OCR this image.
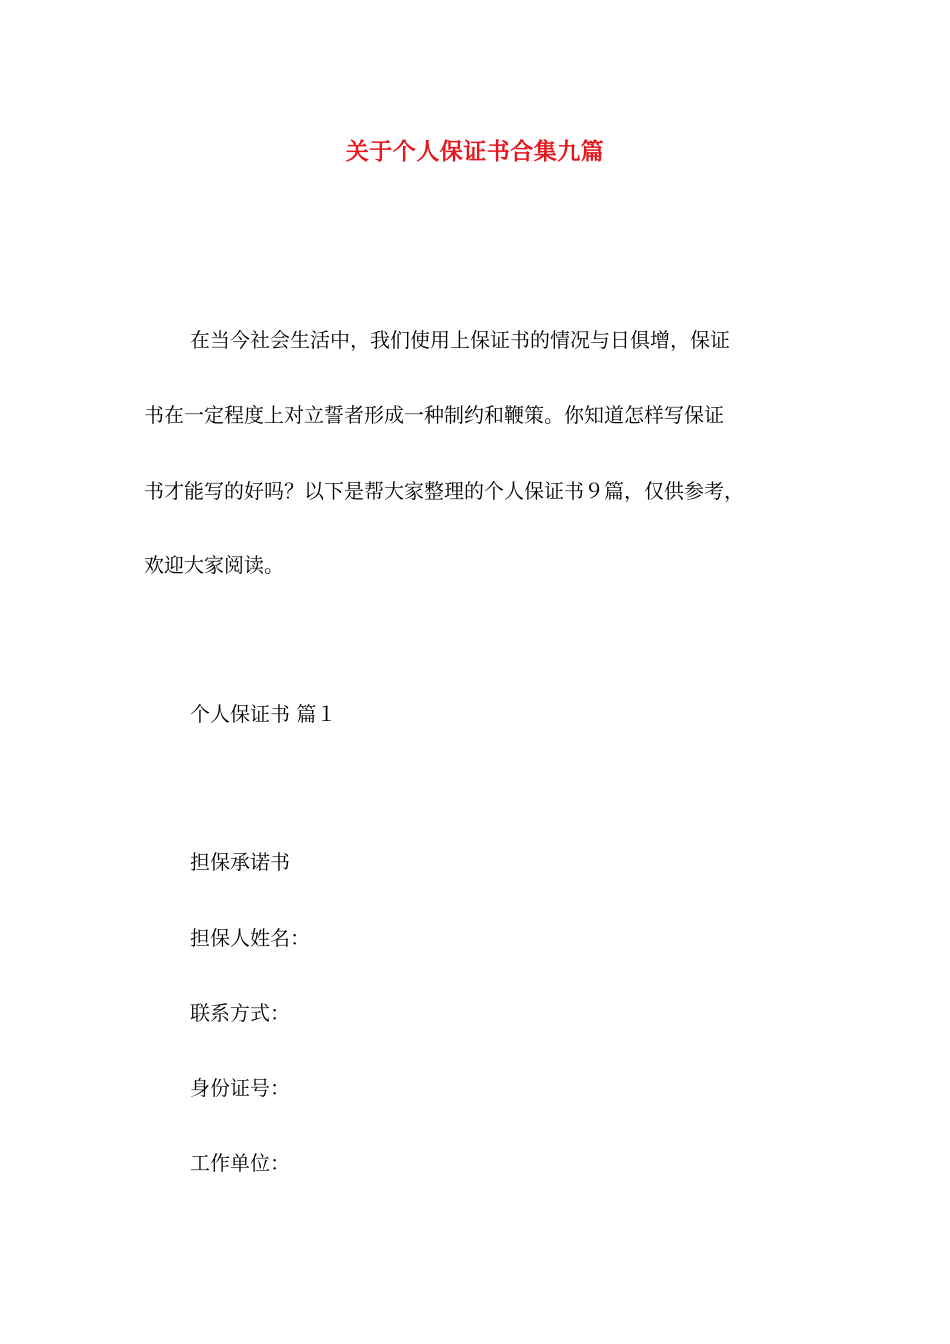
关于个人保证书合集九篇
在当今社会生活中，我们使用上保证书的情况与日俱增，保证
书在一定程度上对立誓者形成一种制约和鞭策。你知道怎样写保证
书才能写的好吗？以下是帮大家整理的个人保证书９篇，仅供参考，
欢迎大家阅读。
个人保证书 篇１
担保承诺书
担保人姓名：
联系方式：
身份证号：
工作单位：
